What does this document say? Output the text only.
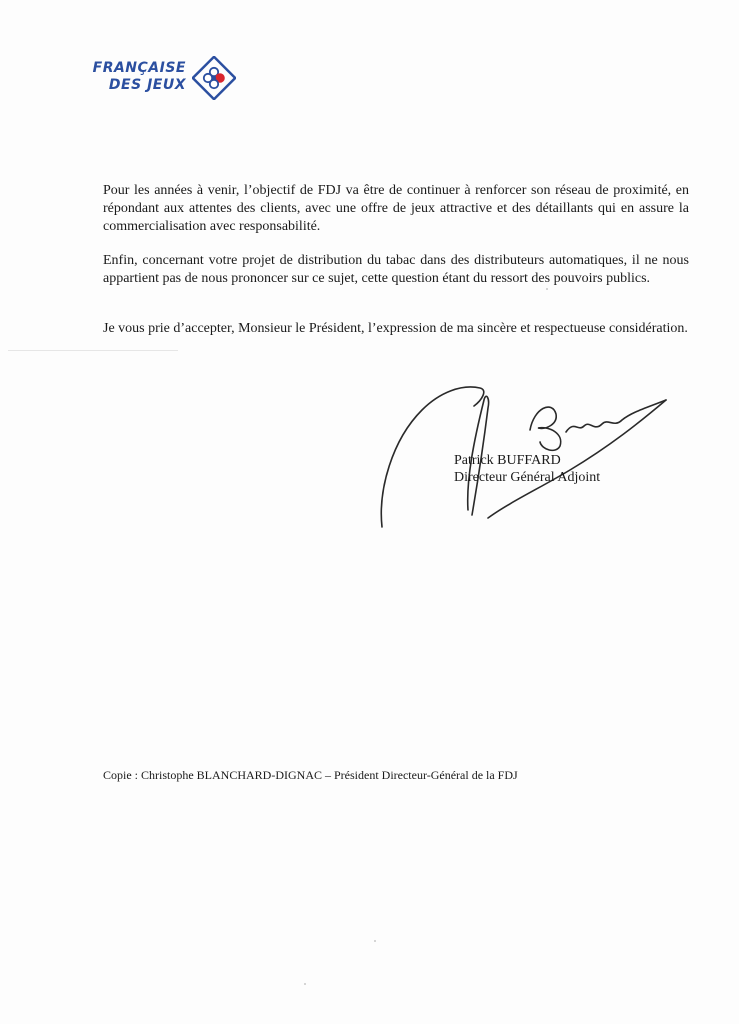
FRANÇAISE
DES JEUX

Pour les années à venir, l’objectif de FDJ va être de continuer à renforcer son réseau de proximité, en répondant aux attentes des clients, avec une offre de jeux attractive et des détaillants qui en assure la commercialisation avec responsabilité.

Enfin, concernant votre projet de distribution du tabac dans des distributeurs automatiques, il ne nous appartient pas de nous prononcer sur ce sujet, cette question étant du ressort des pouvoirs publics.

Je vous prie d’accepter, Monsieur le Président, l’expression de ma sincère et respectueuse considération.

Patrick BUFFARD
Directeur Général Adjoint
Copie : Christophe BLANCHARD-DIGNAC – Président Directeur-Général de la FDJ
